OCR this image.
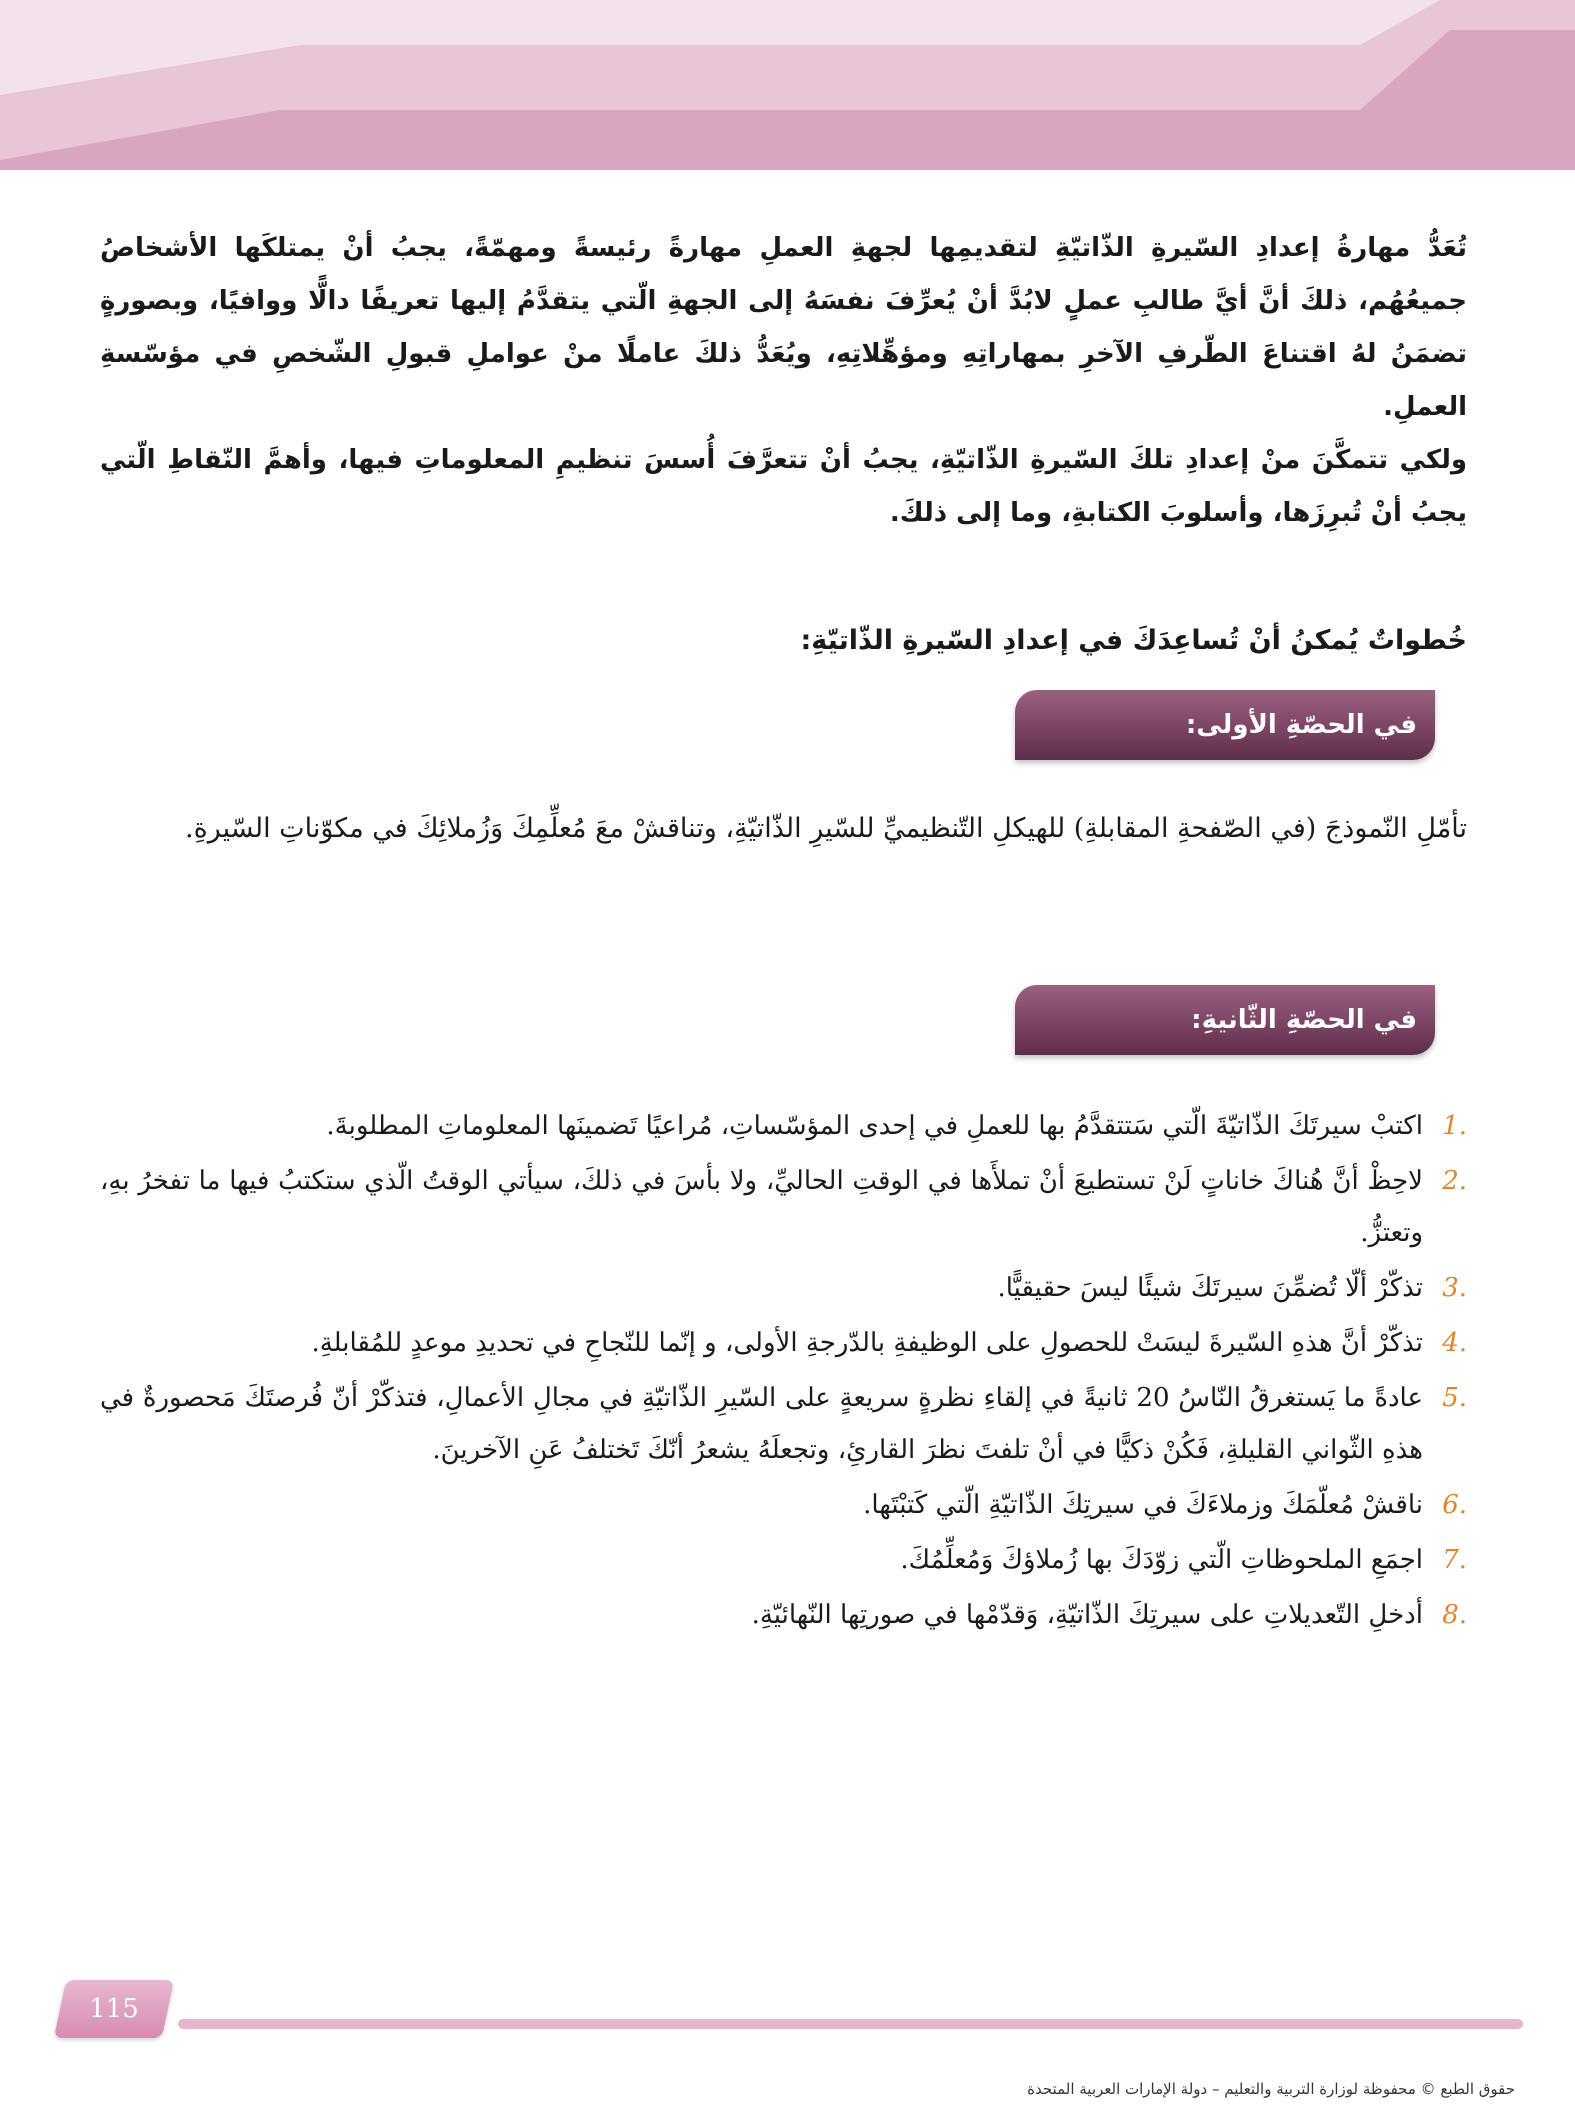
تُعَدُّ مهارةُ إعدادِ السّيرةِ الذّاتيّةِ لتقديمِها لجهةِ العملِ مهارةً رئيسةً ومهمّةً، يجبُ أنْ يمتلكَها الأشخاصُ جميعُهُم، ذلكَ أنَّ أيَّ طالبِ عملٍ لابُدَّ أنْ يُعرِّفَ نفسَهُ إلى الجهةِ الّتي يتقدَّمُ إليها تعريفًا دالًّا ووافيًا، وبصورةٍ تضمَنُ لهُ اقتناعَ الطّرفِ الآخرِ بمهاراتِهِ ومؤهِّلاتِهِ، ويُعَدُّ ذلكَ عاملًا منْ عواملِ قبولِ الشّخصِ في مؤسّسةِ العملِ.

ولكي تتمكَّنَ منْ إعدادِ تلكَ السّيرةِ الذّاتيّةِ، يجبُ أنْ تتعرَّفَ أُسسَ تنظيمِ المعلوماتِ فيها، وأهمَّ النّقاطِ الّتي يجبُ أنْ تُبرِزَها، وأسلوبَ الكتابةِ، وما إلى ذلكَ.

خُطواتٌ يُمكنُ أنْ تُساعِدَكَ في إعدادِ السّيرةِ الذّاتيّةِ:
في الحصّةِ الأولى:

تأمّلِ النّموذجَ (في الصّفحةِ المقابلةِ) للهيكلِ التّنظيميِّ للسّيرِ الذّاتيّةِ، وتناقشْ معَ مُعلِّمِكَ وَزُملائِكَ في مكوّناتِ السّيرةِ.

في الحصّةِ الثّانيةِ:
.1
اكتبْ سيرتَكَ الذّاتيّةَ الّتي سَتتقدَّمُ بها للعملِ في إحدى المؤسّساتِ، مُراعيًا تَضمينَها المعلوماتِ المطلوبةَ.
.2
لاحِظْ أنَّ هُناكَ خاناتٍ لَنْ تستطيعَ أنْ تملأَها في الوقتِ الحاليِّ، ولا بأسَ في ذلكَ، سيأتي الوقتُ الّذي ستكتبُ فيها ما تفخرُ بهِ، وتعتزُّ.
.3
تذكّرْ ألّا تُضمِّنَ سيرتَكَ شيئًا ليسَ حقيقيًّا.
.4
تذكّرْ أنَّ هذهِ السّيرةَ ليسَتْ للحصولِ على الوظيفةِ بالدّرجةِ الأولى، و إنّما للنّجاحِ في تحديدِ موعدٍ للمُقابلةِ.
.5
عادةً ما يَستغرقُ النّاسُ 20 ثانيةً في إلقاءِ نظرةٍ سريعةٍ على السّيرِ الذّاتيّةِ في مجالِ الأعمالِ، فتذكّرْ أنّ فُرصتَكَ مَحصورةٌ في هذهِ الثّواني القليلةِ، فَكُنْ ذكيًّا في أنْ تلفتَ نظرَ القارئِ، وتجعلَهُ يشعرُ أنّكَ تَختلفُ عَنِ الآخرينَ.
.6
ناقشْ مُعلّمَكَ وزملاءَكَ في سيرتِكَ الذّاتيّةِ الّتي كَتبْتَها.
.7
اجمَعِ الملحوظاتِ الّتي زوّدَكَ بها زُملاؤكَ وَمُعلِّمُكَ.
.8
أدخلِ التّعديلاتِ على سيرتِكَ الذّاتيّةِ، وَقدّمْها في صورتِها النّهائيّةِ.
115
حقوق الطبع © محفوظة لوزارة التربية والتعليم – دولة الإمارات العربية المتحدة
